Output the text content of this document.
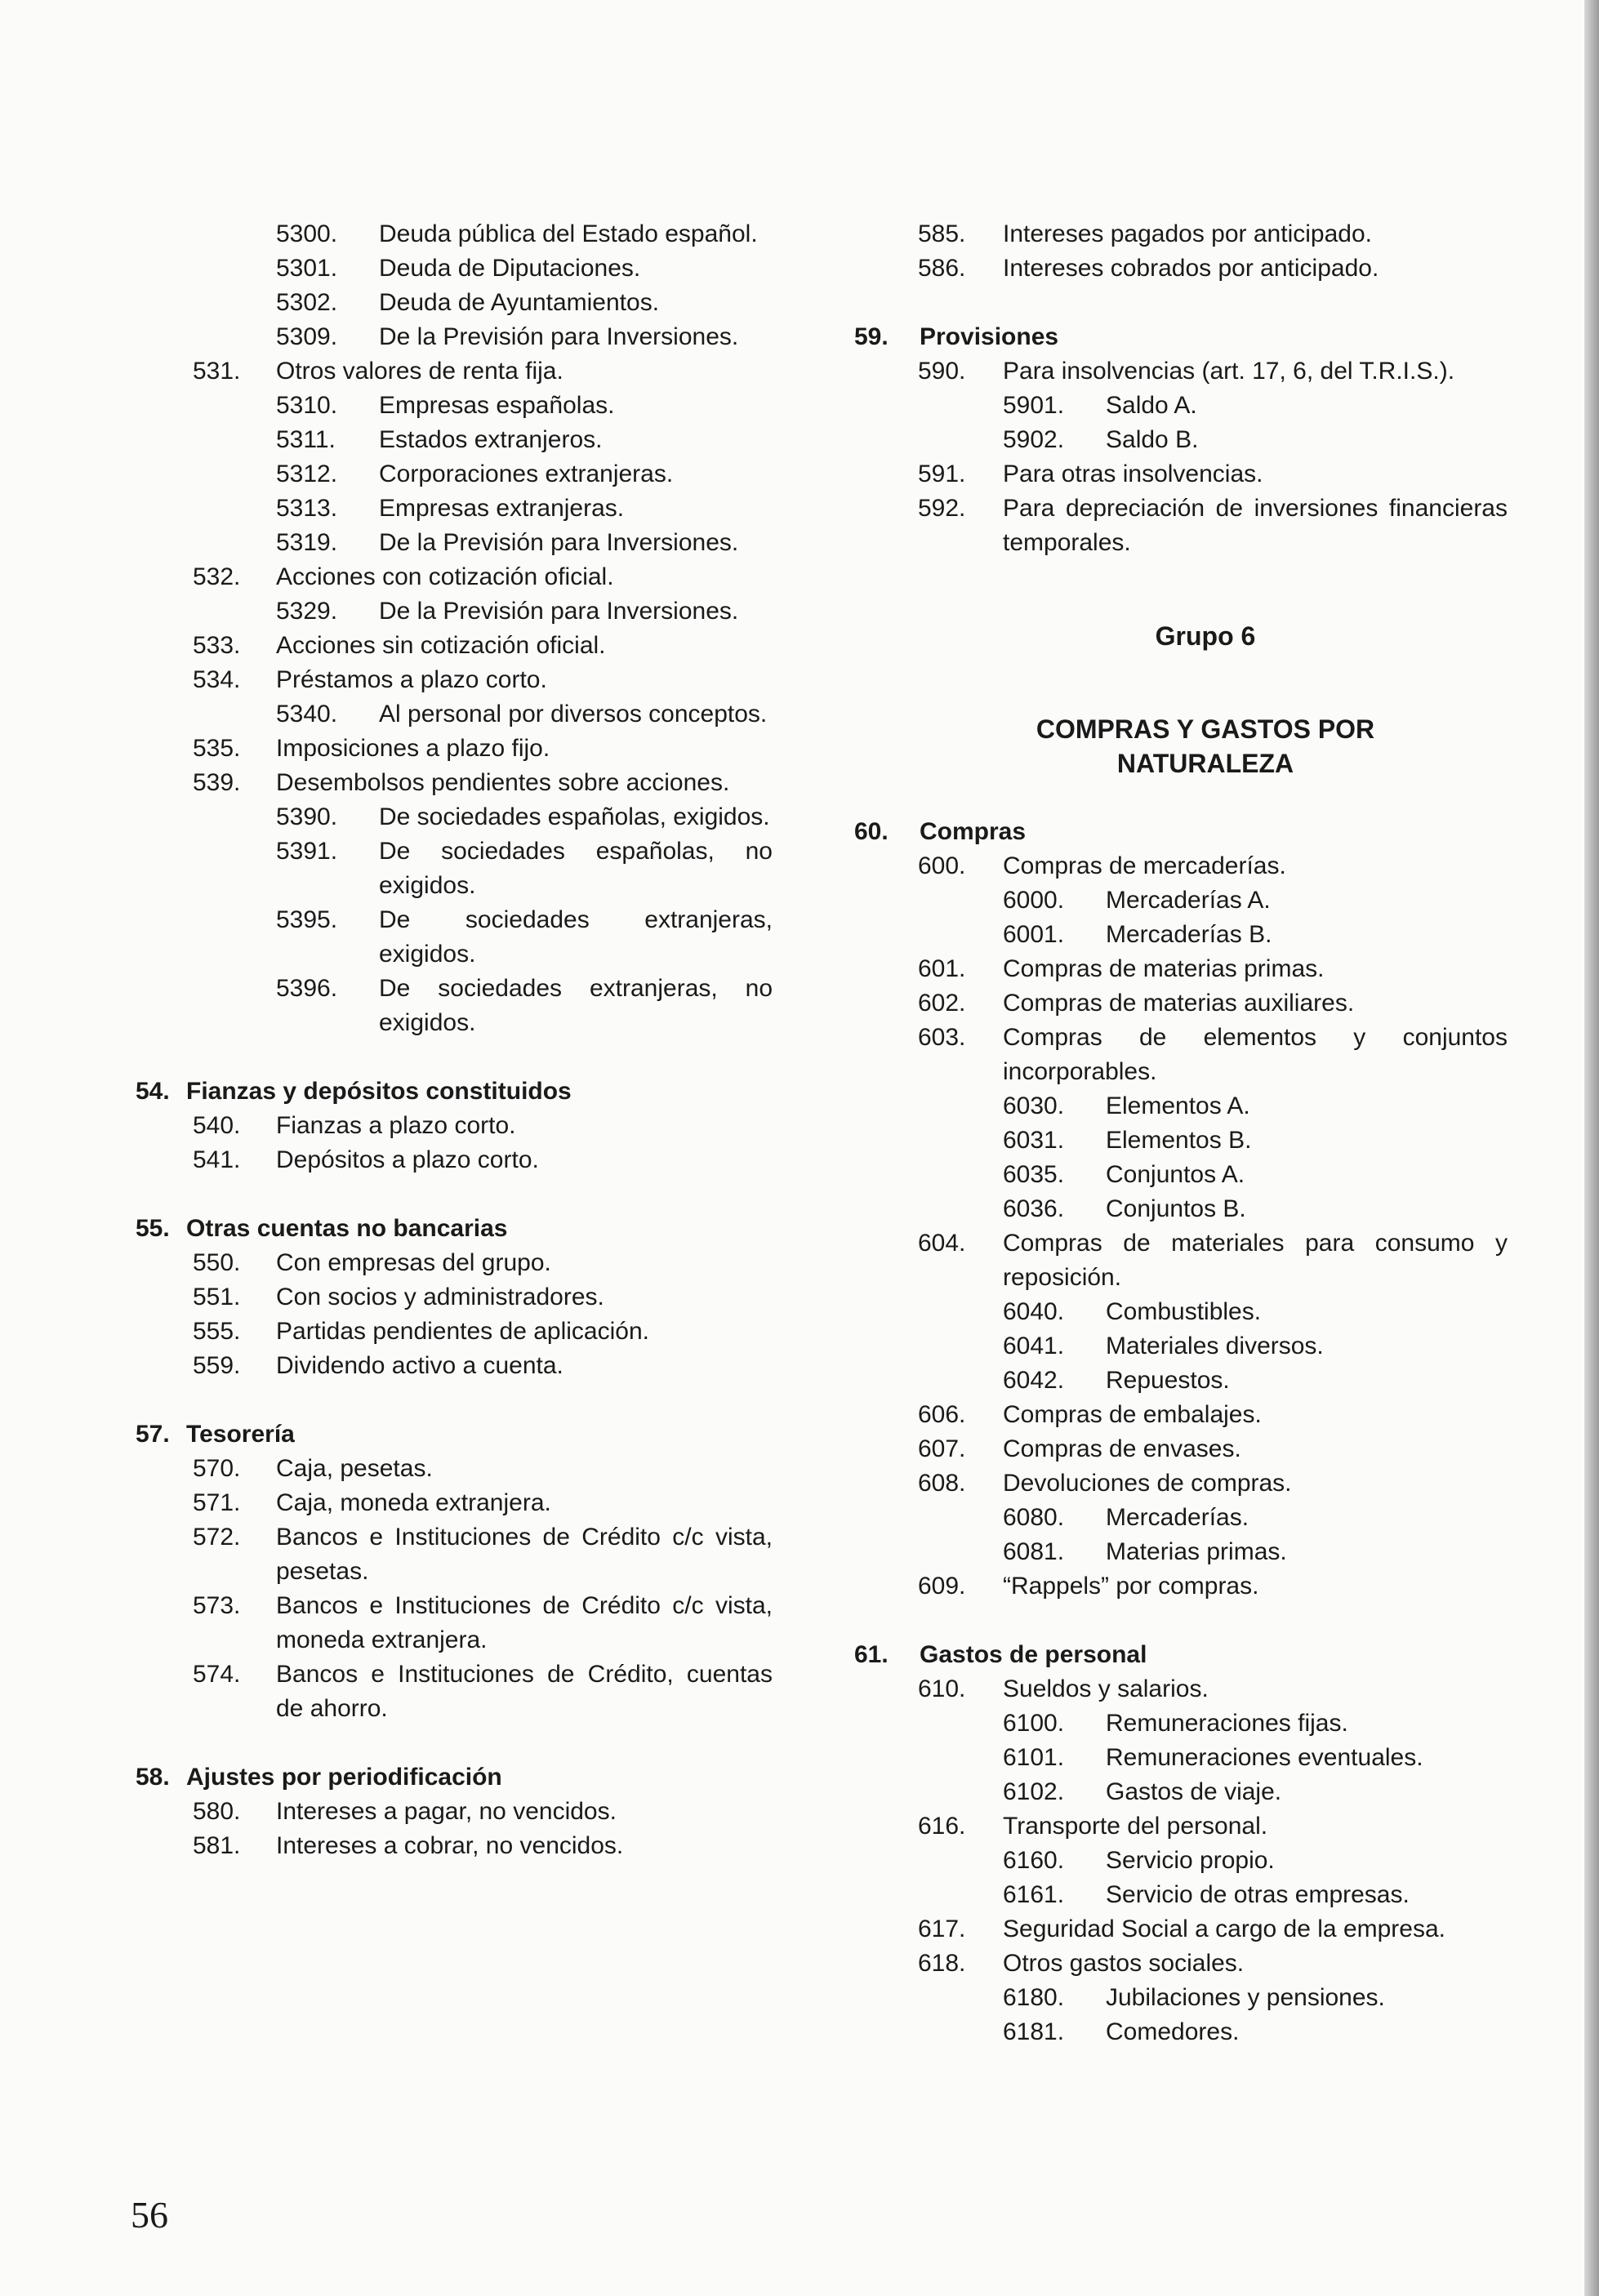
5300. Deuda pública del Estado español.
5301. Deuda de Diputaciones.
5302. Deuda de Ayuntamientos.
5309. De la Previsión para Inversiones.
531. Otros valores de renta fija.
5310. Empresas españolas.
5311. Estados extranjeros.
5312. Corporaciones extranjeras.
5313. Empresas extranjeras.
5319. De la Previsión para Inversiones.
532. Acciones con cotización oficial.
5329. De la Previsión para Inversiones.
533. Acciones sin cotización oficial.
534. Préstamos a plazo corto.
5340. Al personal por diversos conceptos.
535. Imposiciones a plazo fijo.
539. Desembolsos pendientes sobre acciones.
5390. De sociedades españolas, exigidos.
5391. De sociedades españolas, no exigidos.
5395. De sociedades extranjeras, exigidos.
5396. De sociedades extranjeras, no exigidos.
54. Fianzas y depósitos constituidos
540. Fianzas a plazo corto.
541. Depósitos a plazo corto.
55. Otras cuentas no bancarias
550. Con empresas del grupo.
551. Con socios y administradores.
555. Partidas pendientes de aplicación.
559. Dividendo activo a cuenta.
57. Tesorería
570. Caja, pesetas.
571. Caja, moneda extranjera.
572. Bancos e Instituciones de Crédito c/c vista, pesetas.
573. Bancos e Instituciones de Crédito c/c vista, moneda extranjera.
574. Bancos e Instituciones de Crédito, cuentas de ahorro.
58. Ajustes por periodificación
580. Intereses a pagar, no vencidos.
581. Intereses a cobrar, no vencidos.
585. Intereses pagados por anticipado.
586. Intereses cobrados por anticipado.
59. Provisiones
590. Para insolvencias (art. 17, 6, del T.R.I.S.).
5901. Saldo A.
5902. Saldo B.
591. Para otras insolvencias.
592. Para depreciación de inversiones financieras temporales.
Grupo 6
COMPRAS Y GASTOS POR
NATURALEZA
60. Compras
600. Compras de mercaderías.
6000. Mercaderías A.
6001. Mercaderías B.
601. Compras de materias primas.
602. Compras de materias auxiliares.
603. Compras de elementos y conjuntos incorporables.
6030. Elementos A.
6031. Elementos B.
6035. Conjuntos A.
6036. Conjuntos B.
604. Compras de materiales para consumo y reposición.
6040. Combustibles.
6041. Materiales diversos.
6042. Repuestos.
606. Compras de embalajes.
607. Compras de envases.
608. Devoluciones de compras.
6080. Mercaderías.
6081. Materias primas.
609. “Rappels” por compras.
61. Gastos de personal
610. Sueldos y salarios.
6100. Remuneraciones fijas.
6101. Remuneraciones eventuales.
6102. Gastos de viaje.
616. Transporte del personal.
6160. Servicio propio.
6161. Servicio de otras empresas.
617. Seguridad Social a cargo de la empresa.
618. Otros gastos sociales.
6180. Jubilaciones y pensiones.
6181. Comedores.
56
